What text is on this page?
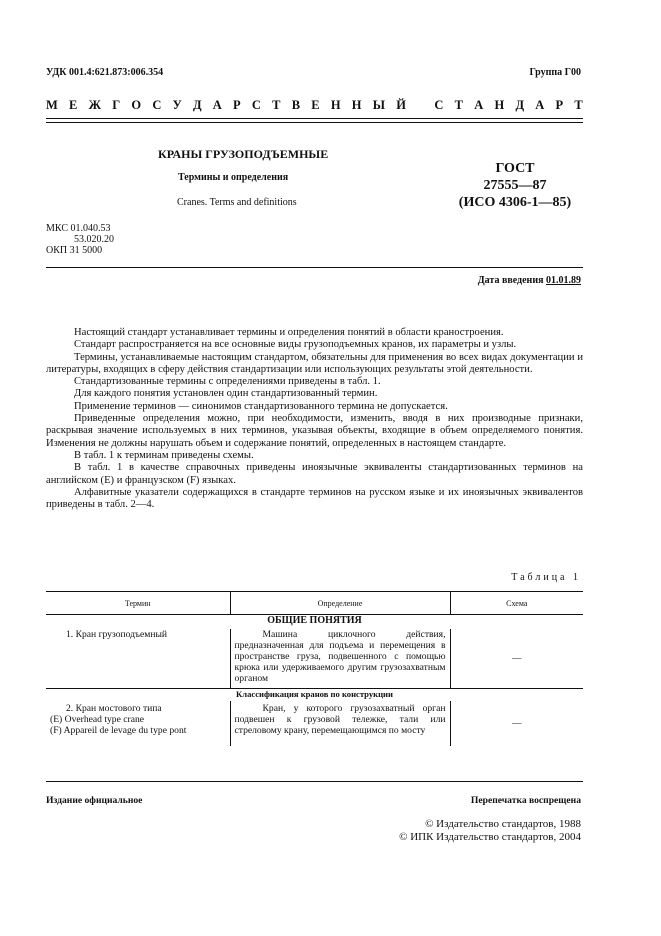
УДК 001.4:621.873:006.354	Группа Г00
М Е Ж Г О С У Д А Р С Т В Е Н Н Ы Й С Т А Н Д А Р Т
КРАНЫ ГРУЗОПОДЪЕМНЫЕ
Термины и определения
Cranes. Terms and definitions
ГОСТ
27555—87
(ИСО 4306-1—85)
МКС 01.040.53
53.020.20
ОКП 31 5000
Дата введения 01.01.89

Настоящий стандарт устанавливает термины и определения понятий в области краностроения.

Стандарт распространяется на все основные виды грузоподъемных кранов, их параметры и узлы.

Термины, устанавливаемые настоящим стандартом, обязательны для применения во всех видах документации и литературы, входящих в сферу действия стандартизации или использующих результаты этой деятельности.

Стандартизованные термины с определениями приведены в табл. 1.

Для каждого понятия установлен один стандартизованный термин.

Применение терминов — синонимов стандартизованного термина не допускается.

Приведенные определения можно, при необходимости, изменить, вводя в них производные признаки, раскрывая значение используемых в них терминов, указывая объекты, входящие в объем определяемого понятия. Изменения не должны нарушать объем и содержание понятий, определенных в настоящем стандарте.

В табл. 1 к терминам приведены схемы.

В табл. 1 в качестве справочных приведены иноязычные эквиваленты стандартизованных терминов на английском (E) и французском (F) языках.

Алфавитные указатели содержащихся в стандарте терминов на русском языке и их иноязычных эквивалентов приведены в табл. 2—4.

Таблица 1
Термин	Определение	Схема
ОБЩИЕ ПОНЯТИЯ		
1. Кран грузоподъемный	Машина циклочного действия, предназначенная для подъема и перемещения в пространстве груза, подвешенного с помощью крюка или удерживаемого другим грузозахватным органом	—
Классификация кранов по конструкции		

2. Кран мостового типа
(E) Overhead type crane
(F) Appareil de levage du type pont	Кран, у которого грузозахватный орган подвешен к грузовой тележке, тали или стреловому крану, перемещающимся по мосту	—
Издание официальное	Перепечатка воспрещена
© Издательство стандартов, 1988
© ИПК Издательство стандартов, 2004
